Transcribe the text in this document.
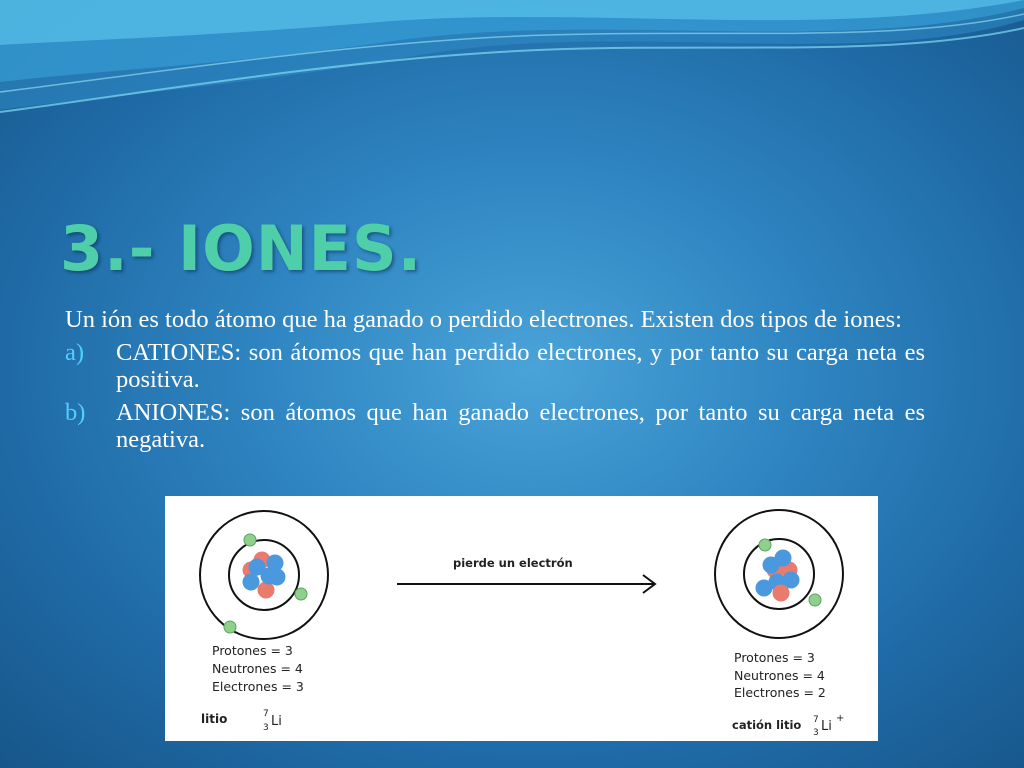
3.- IONES.

Un ión es todo átomo que ha ganado o perdido electrones. Existen dos tipos de iones:

a)	CATIONES: son átomos que han perdido electrones, y por tanto su carga neta es positiva.
b)	ANIONES: son átomos que han ganado electrones, por tanto su carga neta es negativa.
Protones = 3
Neutrones = 4
Electrones = 3
litio	7
3 Li
pierde un electrón
Protones = 3
Neutrones = 4
Electrones = 2
catión litio 7
3 Li
+
